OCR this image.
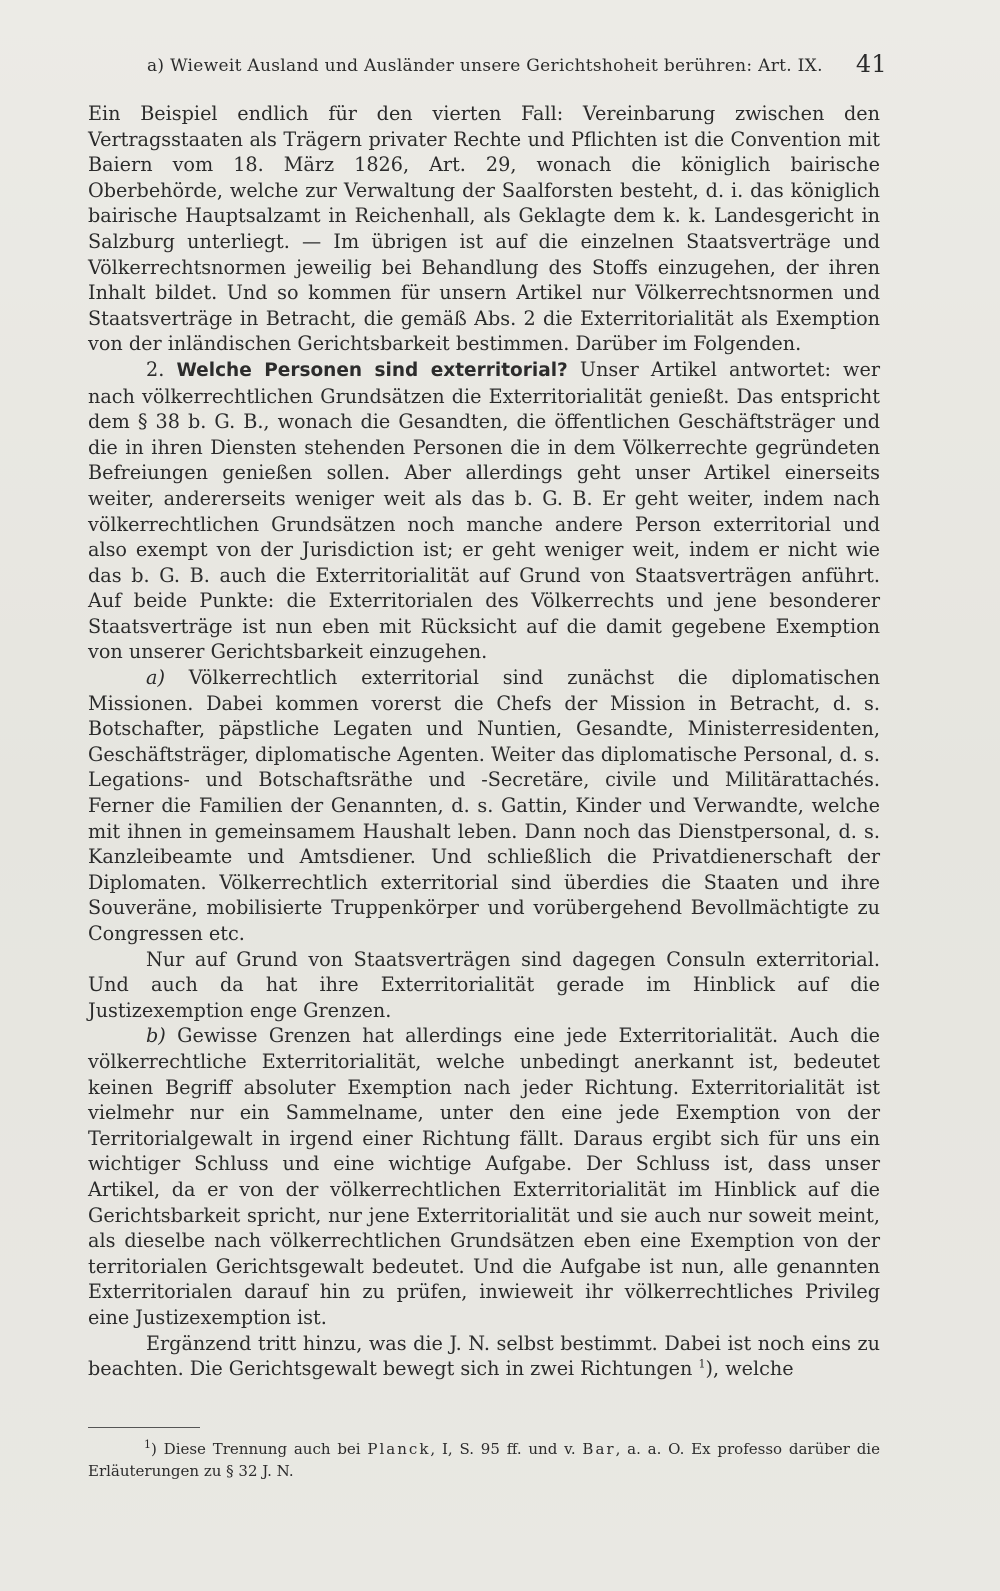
a) Wieweit Ausland und Ausländer unsere Gerichtshoheit berühren: Art. IX. 41

Ein Beispiel endlich für den vierten Fall: Vereinbarung zwischen den Vertragsstaaten als Trägern privater Rechte und Pflichten ist die Convention mit Baiern vom 18. März 1826, Art. 29, wonach die königlich bairische Oberbehörde, welche zur Verwaltung der Saalforsten besteht, d. i. das königlich bairische Hauptsalzamt in Reichenhall, als Geklagte dem k. k. Landesgericht in Salzburg unterliegt. — Im übrigen ist auf die einzelnen Staatsverträge und Völkerrechtsnormen jeweilig bei Behandlung des Stoffs einzugehen, der ihren Inhalt bildet. Und so kommen für unsern Artikel nur Völkerrechtsnormen und Staatsverträge in Betracht, die gemäß Abs. 2 die Exterritorialität als Exemption von der inländischen Gerichtsbarkeit bestimmen. Darüber im Folgenden.

2. Welche Personen sind exterritorial? Unser Artikel antwortet: wer nach völkerrechtlichen Grundsätzen die Exterritorialität genießt. Das entspricht dem § 38 b. G. B., wonach die Gesandten, die öffentlichen Geschäftsträger und die in ihren Diensten stehenden Personen die in dem Völkerrechte gegründeten Befreiungen genießen sollen. Aber allerdings geht unser Artikel einerseits weiter, andererseits weniger weit als das b. G. B. Er geht weiter, indem nach völkerrechtlichen Grundsätzen noch manche andere Person exterritorial und also exempt von der Jurisdiction ist; er geht weniger weit, indem er nicht wie das b. G. B. auch die Exterritorialität auf Grund von Staatsverträgen anführt. Auf beide Punkte: die Exterritorialen des Völkerrechts und jene besonderer Staatsverträge ist nun eben mit Rücksicht auf die damit gegebene Exemption von unserer Gerichtsbarkeit einzugehen.

a) Völkerrechtlich exterritorial sind zunächst die diplomatischen Missionen. Dabei kommen vorerst die Chefs der Mission in Betracht, d. s. Botschafter, päpstliche Legaten und Nuntien, Gesandte, Ministerresidenten, Geschäftsträger, diplomatische Agenten. Weiter das diplomatische Personal, d. s. Legations- und Botschaftsräthe und -Secretäre, civile und Militärattachés. Ferner die Familien der Genannten, d. s. Gattin, Kinder und Verwandte, welche mit ihnen in gemeinsamem Haushalt leben. Dann noch das Dienstpersonal, d. s. Kanzleibeamte und Amtsdiener. Und schließlich die Privatdienerschaft der Diplomaten. Völkerrechtlich exterritorial sind überdies die Staaten und ihre Souveräne, mobilisierte Truppenkörper und vorübergehend Bevollmächtigte zu Congressen etc.

Nur auf Grund von Staatsverträgen sind dagegen Consuln exterritorial. Und auch da hat ihre Exterritorialität gerade im Hinblick auf die Justizexemption enge Grenzen.

b) Gewisse Grenzen hat allerdings eine jede Exterritorialität. Auch die völkerrechtliche Exterritorialität, welche unbedingt anerkannt ist, bedeutet keinen Begriff absoluter Exemption nach jeder Richtung. Exterritorialität ist vielmehr nur ein Sammelname, unter den eine jede Exemption von der Territorialgewalt in irgend einer Richtung fällt. Daraus ergibt sich für uns ein wichtiger Schluss und eine wichtige Aufgabe. Der Schluss ist, dass unser Artikel, da er von der völkerrechtlichen Exterritorialität im Hinblick auf die Gerichtsbarkeit spricht, nur jene Exterritorialität und sie auch nur soweit meint, als dieselbe nach völkerrechtlichen Grundsätzen eben eine Exemption von der territorialen Gerichtsgewalt bedeutet. Und die Aufgabe ist nun, alle genannten Exterritorialen darauf hin zu prüfen, inwieweit ihr völkerrechtliches Privileg eine Justizexemption ist.

Ergänzend tritt hinzu, was die J. N. selbst bestimmt. Dabei ist noch eins zu beachten. Die Gerichtsgewalt bewegt sich in zwei Richtungen $^1$), welche

$^1$) Diese Trennung auch bei Planck, I, S. 95 ff. und v. Bar, a. a. O. Ex professo darüber die Erläuterungen zu § 32 J. N.
